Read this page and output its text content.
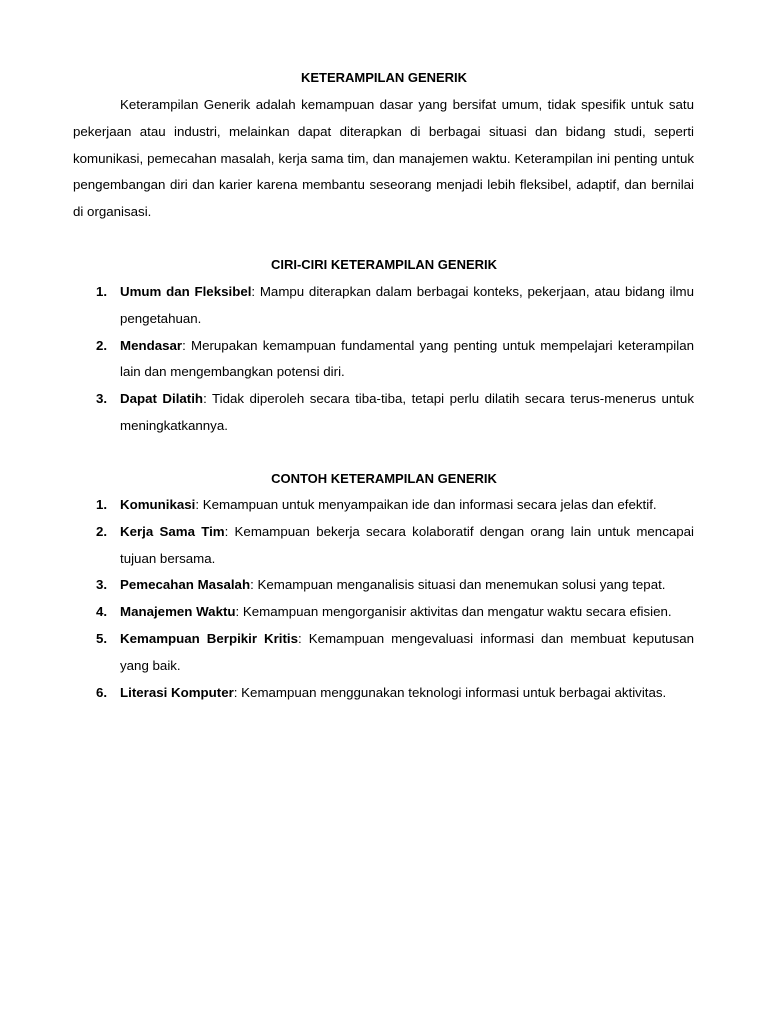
KETERAMPILAN GENERIK

Keterampilan Generik adalah kemampuan dasar yang bersifat umum, tidak spesifik untuk satu pekerjaan atau industri, melainkan dapat diterapkan di berbagai situasi dan bidang studi, seperti komunikasi, pemecahan masalah, kerja sama tim, dan manajemen waktu. Keterampilan ini penting untuk pengembangan diri dan karier karena membantu seseorang menjadi lebih fleksibel, adaptif, dan bernilai di organisasi.

CIRI-CIRI KETERAMPILAN GENERIK
1. Umum dan Fleksibel: Mampu diterapkan dalam berbagai konteks, pekerjaan, atau bidang ilmu pengetahuan.
2. Mendasar: Merupakan kemampuan fundamental yang penting untuk mempelajari keterampilan lain dan mengembangkan potensi diri.
3. Dapat Dilatih: Tidak diperoleh secara tiba-tiba, tetapi perlu dilatih secara terus-menerus untuk meningkatkannya.
CONTOH KETERAMPILAN GENERIK
1. Komunikasi: Kemampuan untuk menyampaikan ide dan informasi secara jelas dan efektif.
2. Kerja Sama Tim: Kemampuan bekerja secara kolaboratif dengan orang lain untuk mencapai tujuan bersama.
3. Pemecahan Masalah: Kemampuan menganalisis situasi dan menemukan solusi yang tepat.
4. Manajemen Waktu: Kemampuan mengorganisir aktivitas dan mengatur waktu secara efisien.
5. Kemampuan Berpikir Kritis: Kemampuan mengevaluasi informasi dan membuat keputusan yang baik.
6. Literasi Komputer: Kemampuan menggunakan teknologi informasi untuk berbagai aktivitas.
